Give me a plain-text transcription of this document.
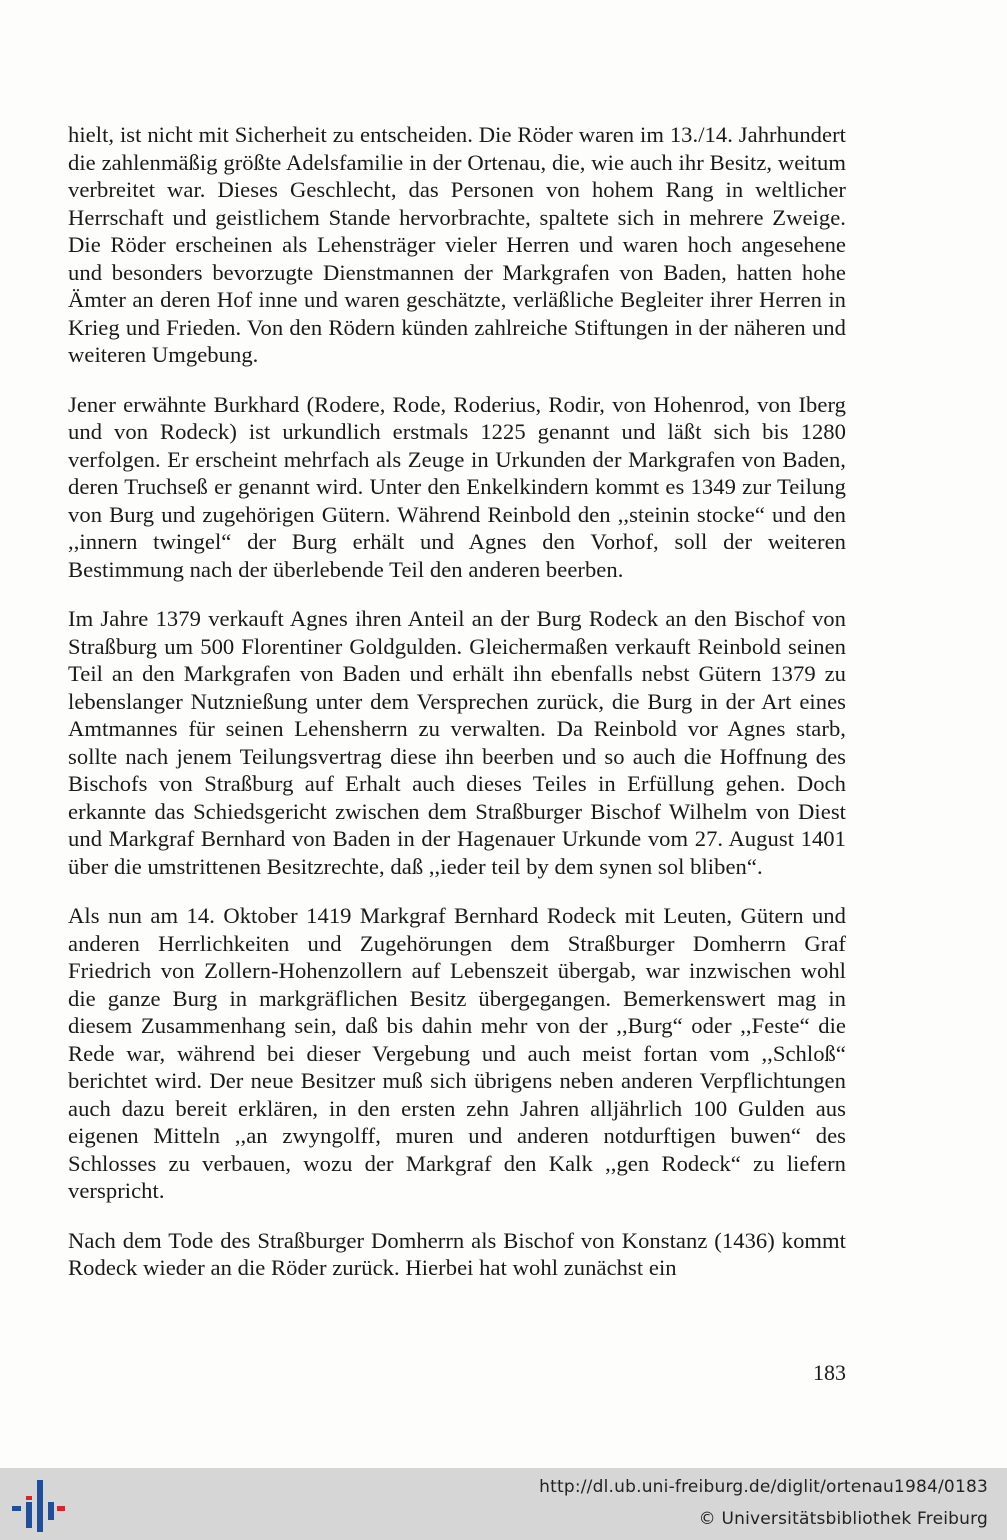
hielt, ist nicht mit Sicherheit zu entscheiden. Die Röder waren im 13./14. Jahrhundert die zahlenmäßig größte Adelsfamilie in der Ortenau, die, wie auch ihr Besitz, weitum verbreitet war. Dieses Geschlecht, das Personen von hohem Rang in weltlicher Herrschaft und geistlichem Stande hervorbrachte, spaltete sich in mehrere Zweige. Die Röder erscheinen als Lehensträger vieler Herren und waren hoch angesehene und besonders bevorzugte Dienstmannen der Markgrafen von Baden, hatten hohe Ämter an deren Hof inne und waren geschätzte, verläßliche Begleiter ihrer Herren in Krieg und Frieden. Von den Rödern künden zahlreiche Stiftungen in der näheren und weiteren Umgebung.

Jener erwähnte Burkhard (Rodere, Rode, Roderius, Rodir, von Hohenrod, von Iberg und von Rodeck) ist urkundlich erstmals 1225 genannt und läßt sich bis 1280 verfolgen. Er erscheint mehrfach als Zeuge in Urkunden der Markgrafen von Baden, deren Truchseß er genannt wird. Unter den Enkelkindern kommt es 1349 zur Teilung von Burg und zugehörigen Gütern. Während Reinbold den ,,steinin stocke“ und den ,,innern twingel“ der Burg erhält und Agnes den Vorhof, soll der weiteren Bestimmung nach der überlebende Teil den anderen beerben.

Im Jahre 1379 verkauft Agnes ihren Anteil an der Burg Rodeck an den Bischof von Straßburg um 500 Florentiner Goldgulden. Gleichermaßen verkauft Reinbold seinen Teil an den Markgrafen von Baden und erhält ihn ebenfalls nebst Gütern 1379 zu lebenslanger Nutznießung unter dem Versprechen zurück, die Burg in der Art eines Amtmannes für seinen Lehensherrn zu verwalten. Da Reinbold vor Agnes starb, sollte nach jenem Teilungsvertrag diese ihn beerben und so auch die Hoffnung des Bischofs von Straßburg auf Erhalt auch dieses Teiles in Erfüllung gehen. Doch erkannte das Schiedsgericht zwischen dem Straßburger Bischof Wilhelm von Diest und Markgraf Bernhard von Baden in der Hagenauer Urkunde vom 27. August 1401 über die umstrittenen Besitzrechte, daß ,,ieder teil by dem synen sol bliben“.

Als nun am 14. Oktober 1419 Markgraf Bernhard Rodeck mit Leuten, Gütern und anderen Herrlichkeiten und Zugehörungen dem Straßburger Domherrn Graf Friedrich von Zollern-Hohenzollern auf Lebenszeit übergab, war inzwischen wohl die ganze Burg in markgräflichen Besitz übergegangen. Bemerkenswert mag in diesem Zusammenhang sein, daß bis dahin mehr von der ,,Burg“ oder ,,Feste“ die Rede war, während bei dieser Vergebung und auch meist fortan vom ,,Schloß“ berichtet wird. Der neue Besitzer muß sich übrigens neben anderen Verpflichtungen auch dazu bereit erklären, in den ersten zehn Jahren alljährlich 100 Gulden aus eigenen Mitteln ,,an zwyngolff, muren und anderen notdurftigen buwen“ des Schlosses zu verbauen, wozu der Markgraf den Kalk ,,gen Rodeck“ zu liefern verspricht.

Nach dem Tode des Straßburger Domherrn als Bischof von Konstanz (1436) kommt Rodeck wieder an die Röder zurück. Hierbei hat wohl zunächst ein

183
http://dl.ub.uni-freiburg.de/diglit/ortenau1984/0183
© Universitätsbibliothek Freiburg
